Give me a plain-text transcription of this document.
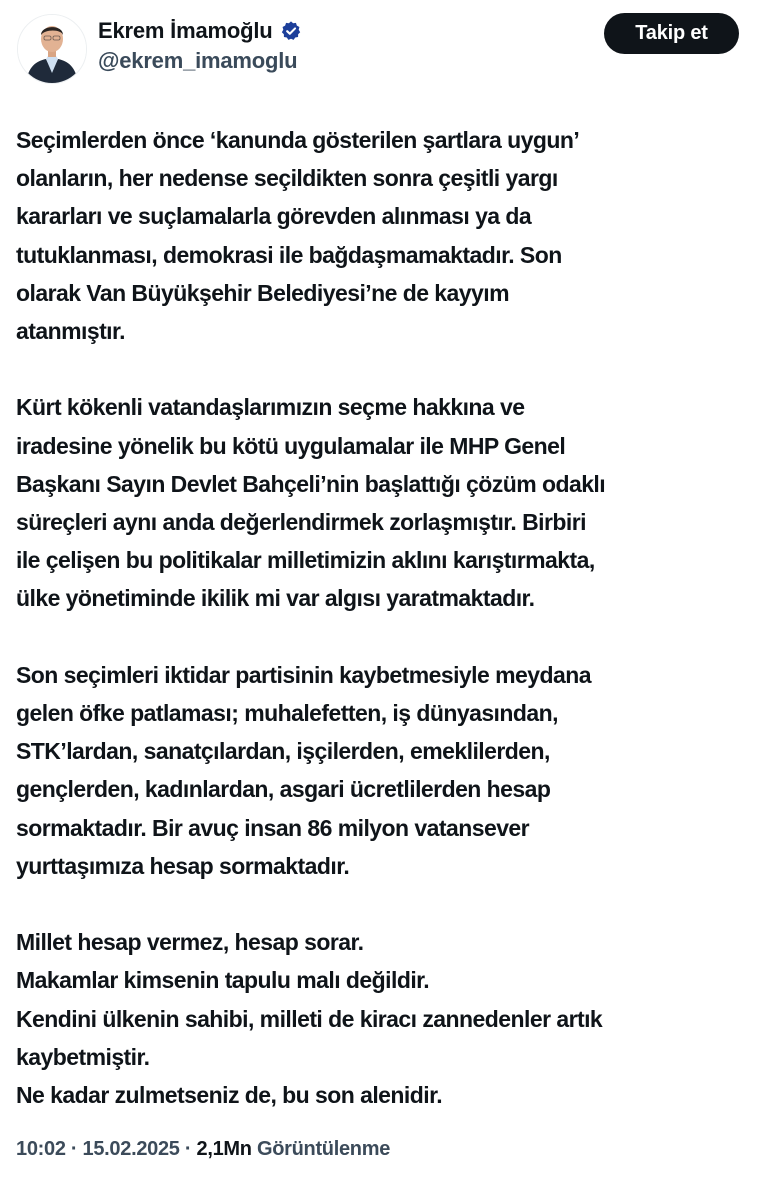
Ekrem İmamoğlu
@ekrem_imamoglu
Takip et
Seçimlerden önce ‘kanunda gösterilen şartlara uygun’
olanların, her nedense seçildikten sonra çeşitli yargı
kararları ve suçlamalarla görevden alınması ya da
tutuklanması, demokrasi ile bağdaşmamaktadır. Son
olarak Van Büyükşehir Belediyesi’ne de kayyım
atanmıştır.
Kürt kökenli vatandaşlarımızın seçme hakkına ve
iradesine yönelik bu kötü uygulamalar ile MHP Genel
Başkanı Sayın Devlet Bahçeli’nin başlattığı çözüm odaklı
süreçleri aynı anda değerlendirmek zorlaşmıştır. Birbiri
ile çelişen bu politikalar milletimizin aklını karıştırmakta,
ülke yönetiminde ikilik mi var algısı yaratmaktadır.
Son seçimleri iktidar partisinin kaybetmesiyle meydana
gelen öfke patlaması; muhalefetten, iş dünyasından,
STK’lardan, sanatçılardan, işçilerden, emeklilerden,
gençlerden, kadınlardan, asgari ücretlilerden hesap
sormaktadır. Bir avuç insan 86 milyon vatansever
yurttaşımıza hesap sormaktadır.
Millet hesap vermez, hesap sorar.
Makamlar kimsenin tapulu malı değildir.
Kendini ülkenin sahibi, milleti de kiracı zannedenler artık
kaybetmiştir.
Ne kadar zulmetseniz de, bu son alenidir.
10:02 · 15.02.2025 · 2,1Mn Görüntülenme
